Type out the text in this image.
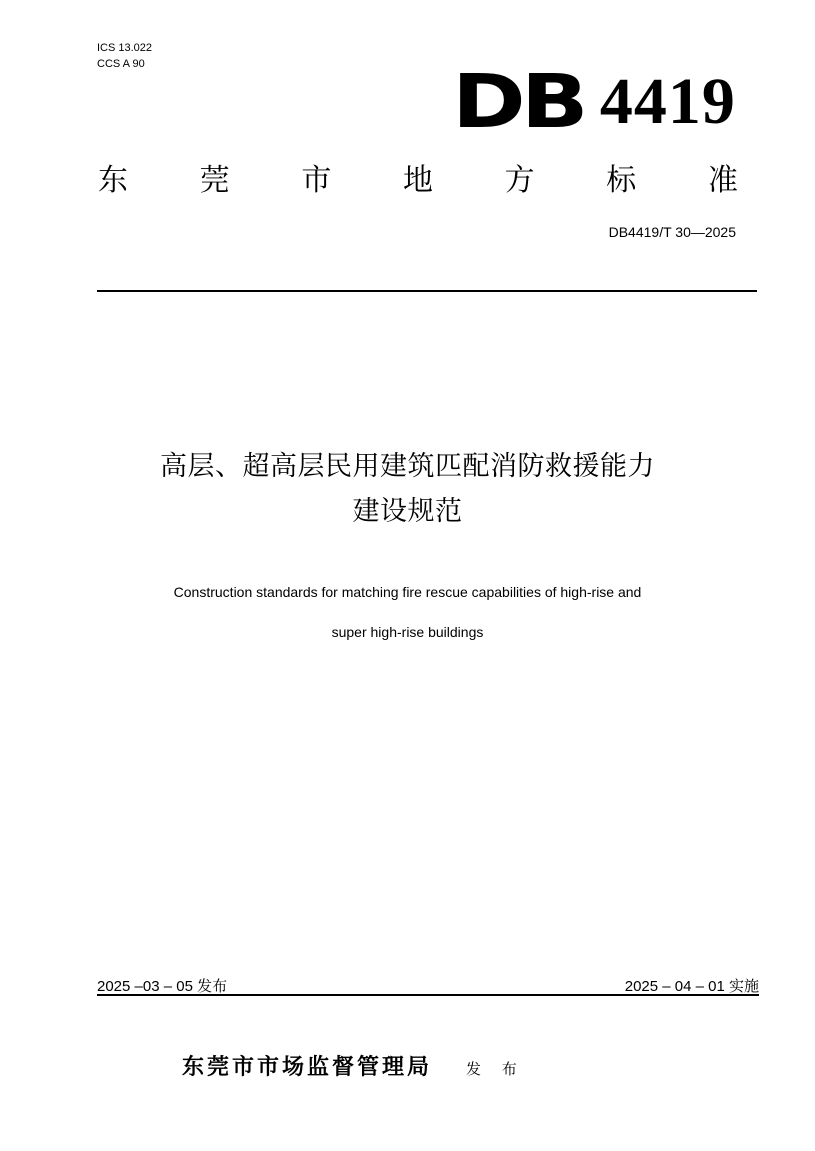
ICS 13.022
CCS A 90	DB 4419
东 莞 市 地 方 标 准
DB4419/T 30—2025
高层、超高层民用建筑匹配消防救援能力
建设规范
Construction standards for matching fire rescue capabilities of high-rise and
super high-rise buildings
2025 –03 – 05 发布	2025 – 04 – 01 实施
东莞市市场监督管理局 发 布
